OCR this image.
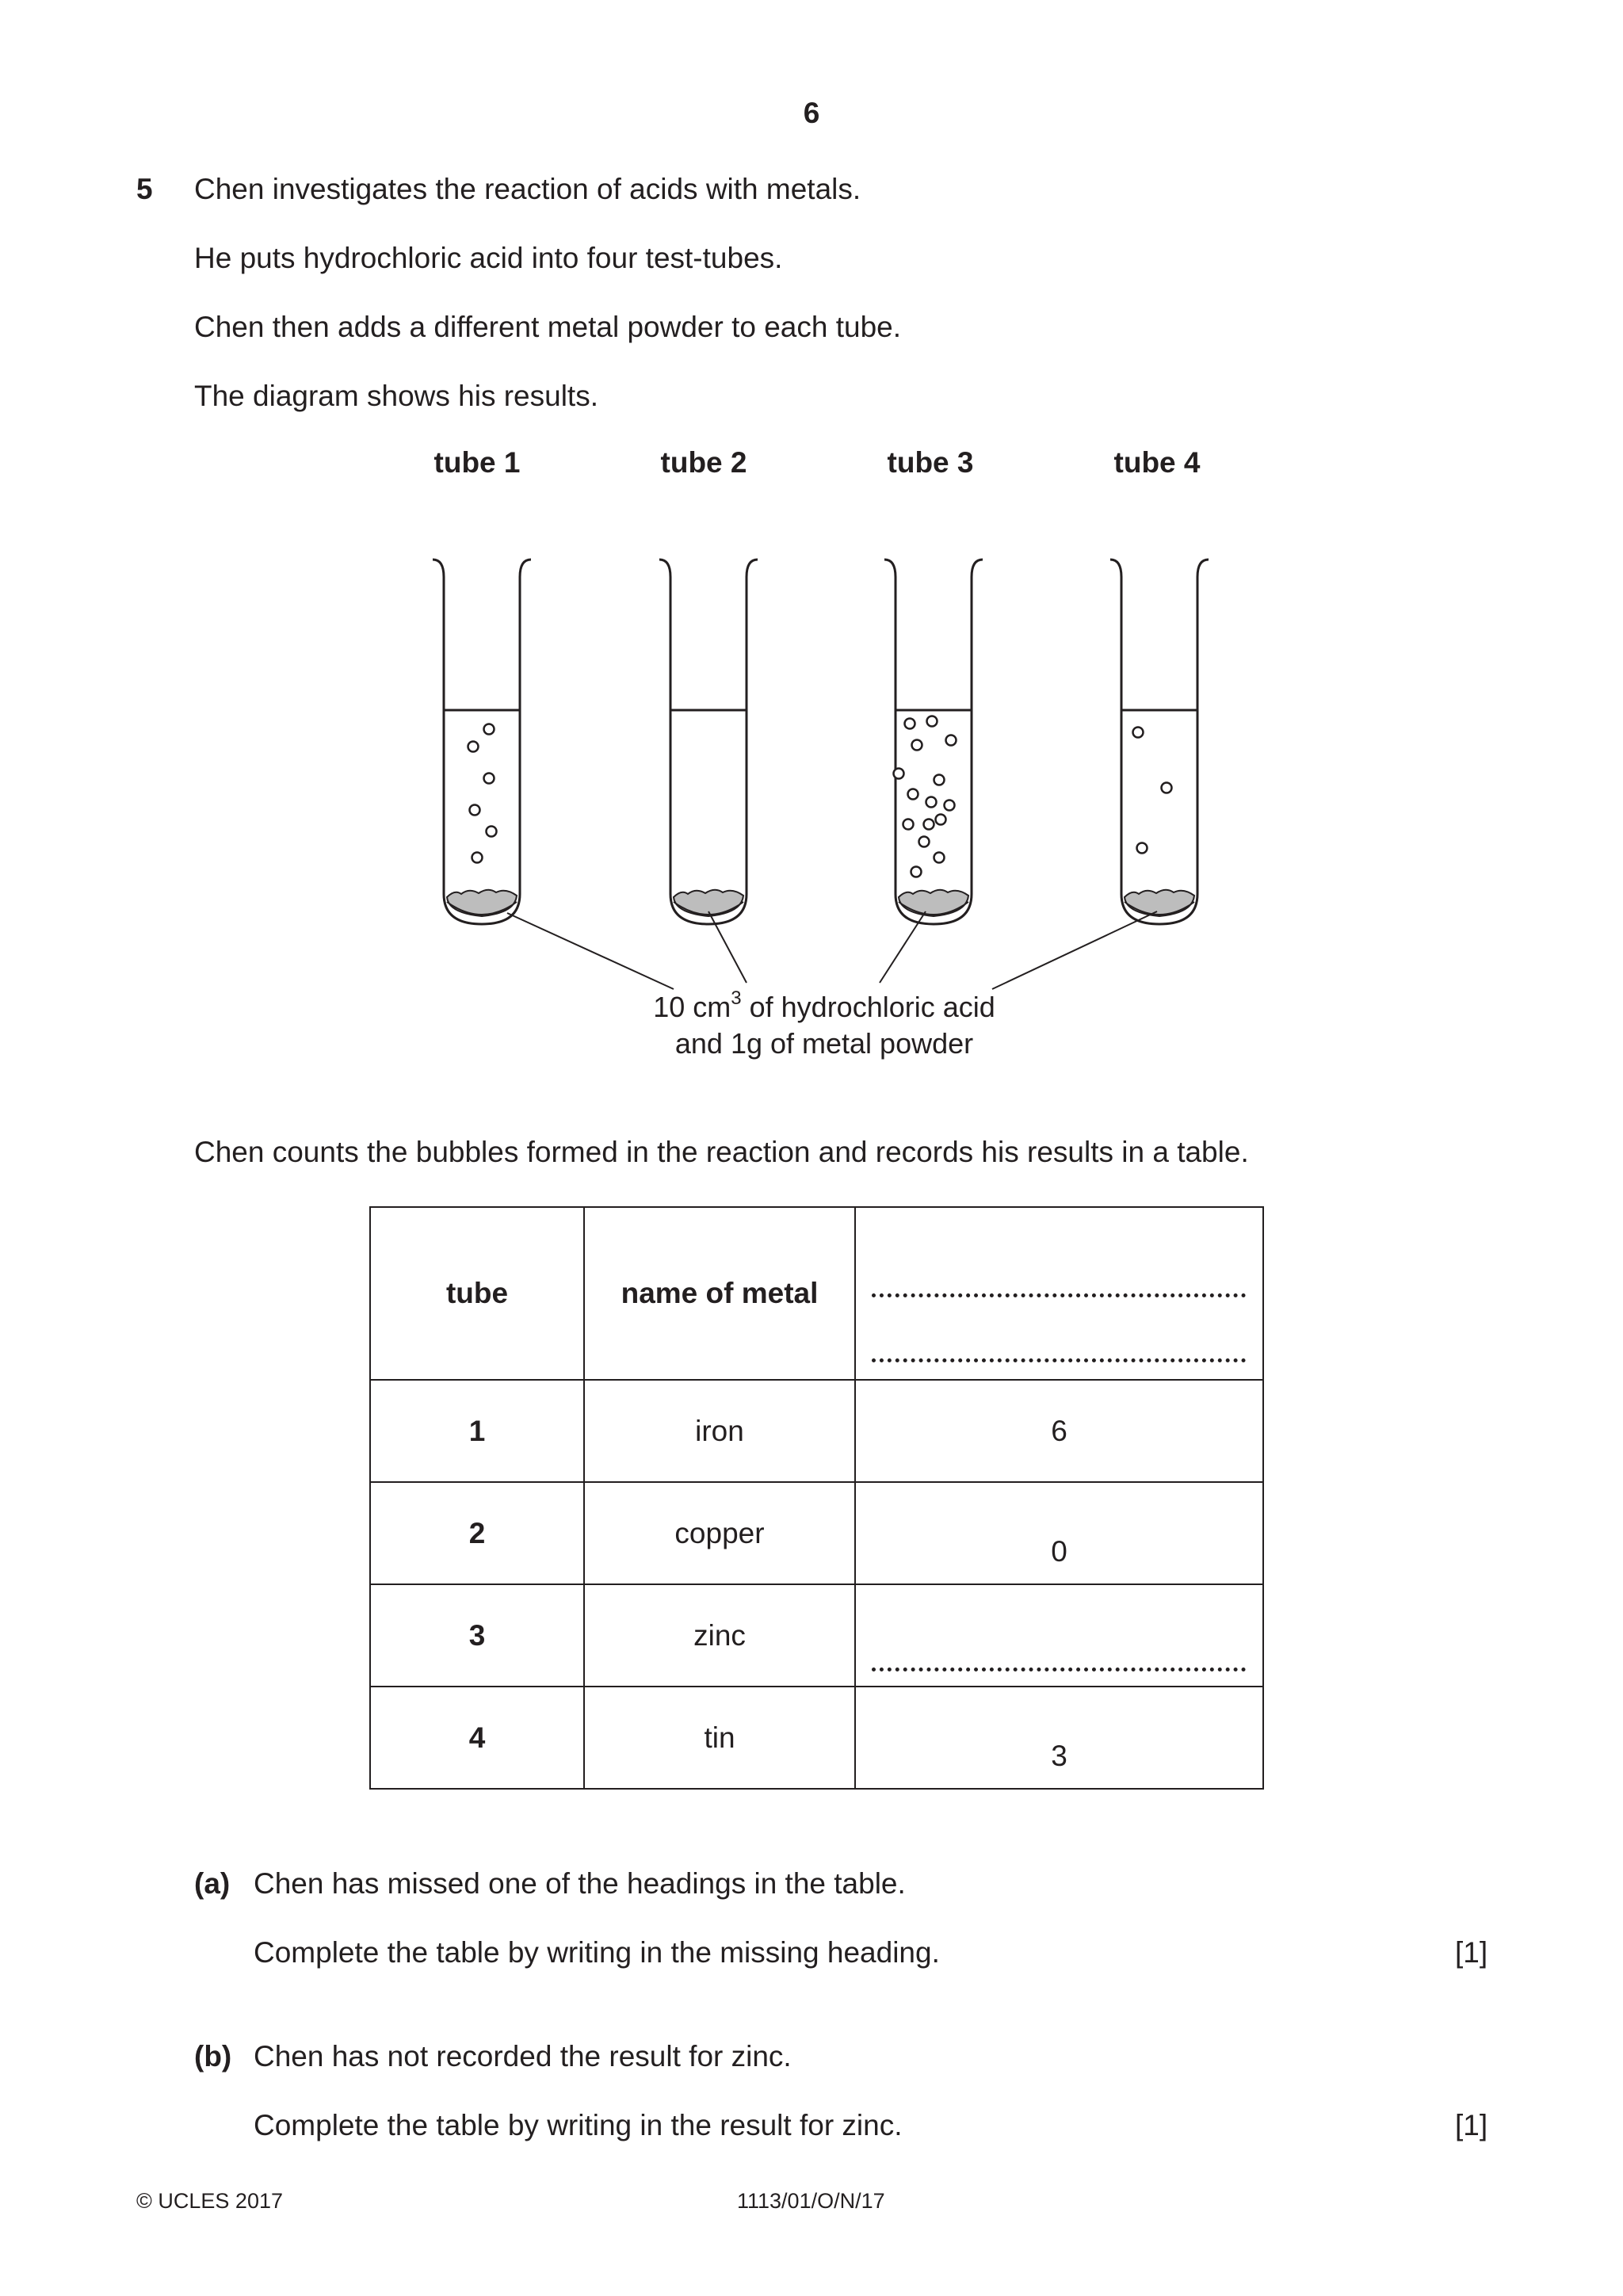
6
5 Chen investigates the reaction of acids with metals.
He puts hydrochloric acid into four test-tubes.
Chen then adds a different metal powder to each tube.
The diagram shows his results.
tube 1	tube 2	tube 3	tube 4
10 $cm^3$ of hydrochloric acid
and 1g of metal powder
Chen counts the bubbles formed in the reaction and records his results in a table.
tube	name of metal	

1	iron	6
2	copper	0

3	zinc	

4	tin	3
(a) Chen has missed one of the headings in the table.
Complete the table by writing in the missing heading.	[1]
(b) Chen has not recorded the result for zinc.
Complete the table by writing in the result for zinc.	[1]
© UCLES 2017	1113/01/O/N/17
